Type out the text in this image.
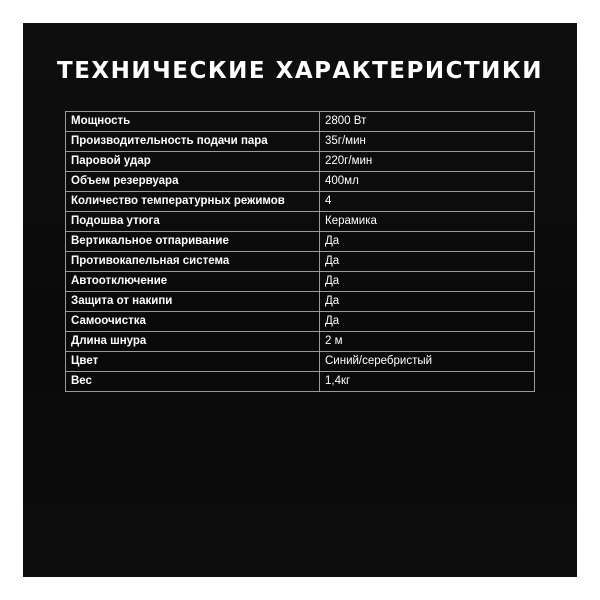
ТЕХНИЧЕСКИЕ ХАРАКТЕРИСТИКИ
Мощность	2800 Вт
Производительность подачи пара	35г/мин
Паровой удар	220г/мин
Объем резервуара	400мл
Количество температурных режимов	4
Подошва утюга	Керамика
Вертикальное отпаривание	Да
Противокапельная система	Да
Автоотключение	Да
Защита от накипи	Да
Самоочистка	Да
Длина шнура	2 м
Цвет	Синий/серебристый
Вес	1,4кг
